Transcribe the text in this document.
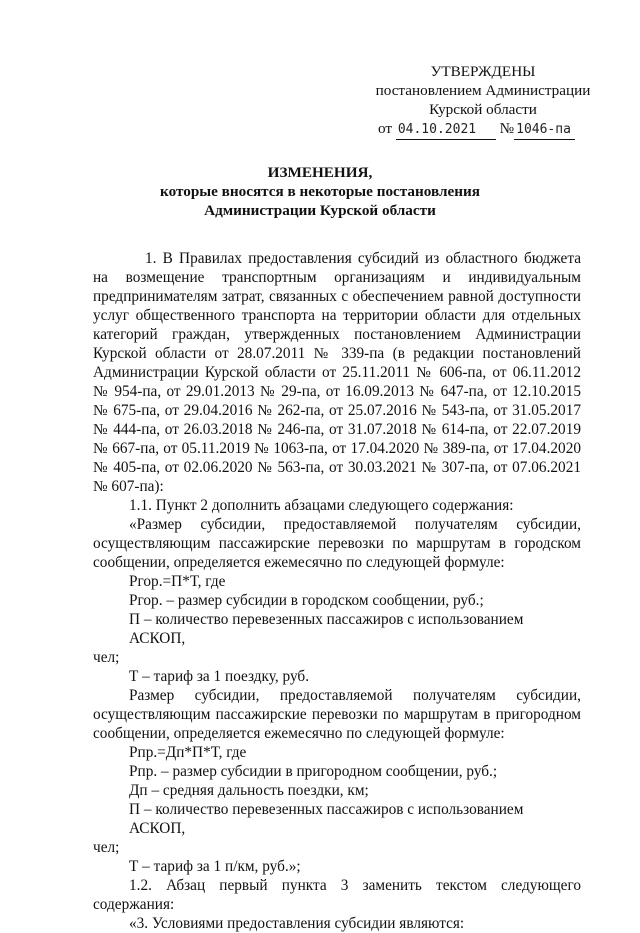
УТВЕРЖДЕНЫ
постановлением Администрации
Курской области
от 04.10.2021 № 1046-па
ИЗМЕНЕНИЯ,
которые вносятся в некоторые постановления
Администрации Курской области

1. В Правилах предоставления субсидий из областного бюджета

на возмещение транспортным организациям и индивидуальным

предпринимателям затрат, связанных с обеспечением равной доступности

услуг общественного транспорта на территории области для отдельных

категорий граждан, утвержденных постановлением Администрации

Курской области от 28.07.2011 № 339-па (в редакции постановлений

Администрации Курской области от 25.11.2011 № 606-па, от 06.11.2012

№ 954-па, от 29.01.2013 № 29-па, от 16.09.2013 № 647-па, от 12.10.2015

№ 675-па, от 29.04.2016 № 262-па, от 25.07.2016 № 543-па, от 31.05.2017

№ 444-па, от 26.03.2018 № 246-па, от 31.07.2018 № 614-па, от 22.07.2019

№ 667-па, от 05.11.2019 № 1063-па, от 17.04.2020 № 389-па, от 17.04.2020

№ 405-па, от 02.06.2020 № 563-па, от 30.03.2021 № 307-па, от 07.06.2021

№ 607-па):

1.1. Пункт 2 дополнить абзацами следующего содержания:

«Размер субсидии, предоставляемой получателям субсидии,

осуществляющим пассажирские перевозки по маршрутам в городском

сообщении, определяется ежемесячно по следующей формуле:

Ргор.=П*Т, где

Ргор. – размер субсидии в городском сообщении, руб.;

П – количество перевезенных пассажиров с использованием АСКОП,

чел;

Т – тариф за 1 поездку, руб.

Размер субсидии, предоставляемой получателям субсидии,

осуществляющим пассажирские перевозки по маршрутам в пригородном

сообщении, определяется ежемесячно по следующей формуле:

Рпр.=Дп*П*Т, где

Рпр. – размер субсидии в пригородном сообщении, руб.;

Дп – средняя дальность поездки, км;

П – количество перевезенных пассажиров с использованием АСКОП,

чел;

Т – тариф за 1 п/км, руб.»;

1.2. Абзац первый пункта 3 заменить текстом следующего

содержания:

«3. Условиями предоставления субсидии являются:
